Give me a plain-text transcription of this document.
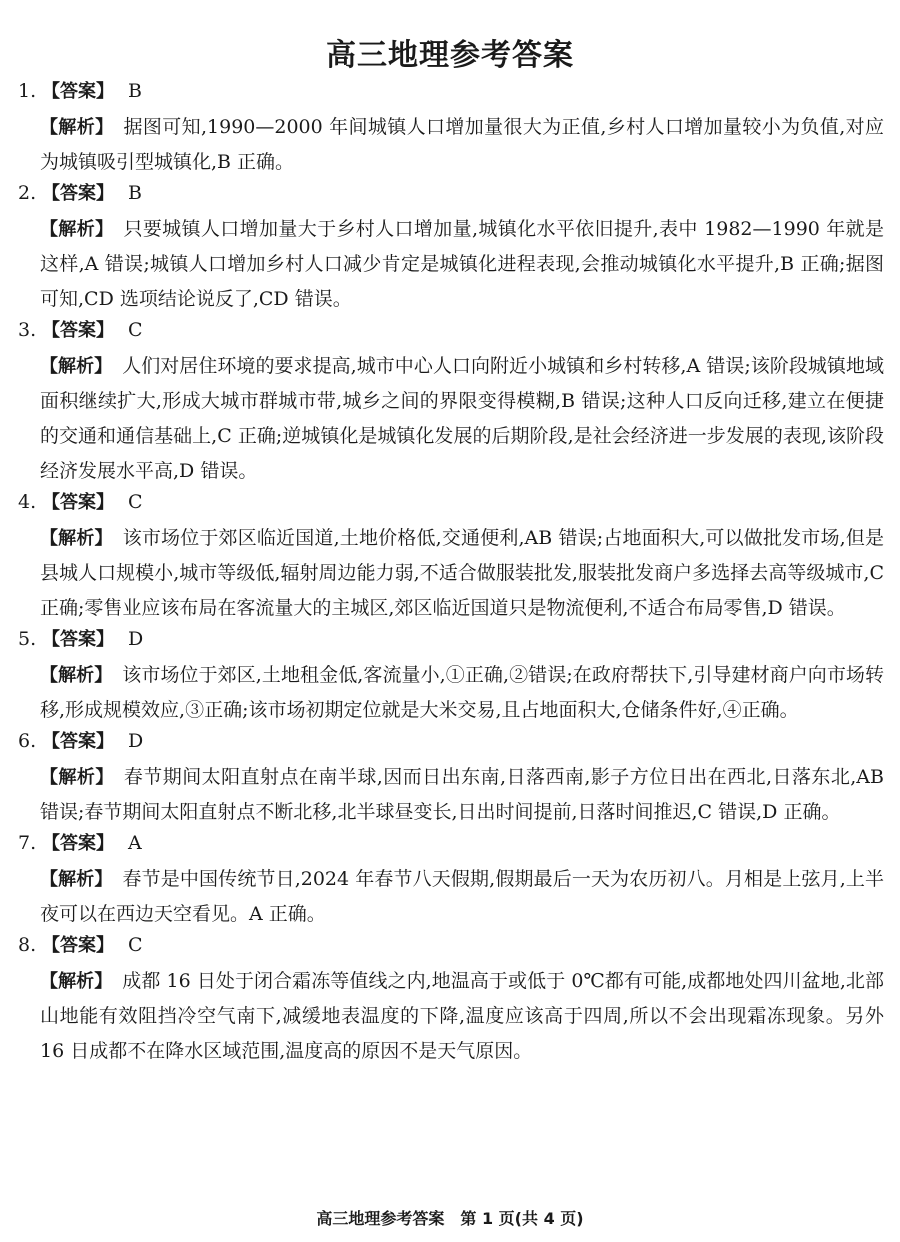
高三地理参考答案
1. 【答案】 B
【解析】 据图可知,1990—2000 年间城镇人口增加量很大为正值,乡村人口增加量较小为负值,对应为城镇吸引型城镇化,B 正确。
2. 【答案】 B
【解析】 只要城镇人口增加量大于乡村人口增加量,城镇化水平依旧提升,表中 1982—1990 年就是这样,A 错误;城镇人口增加乡村人口减少肯定是城镇化进程表现,会推动城镇化水平提升,B 正确;据图可知,CD 选项结论说反了,CD 错误。
3. 【答案】 C
【解析】 人们对居住环境的要求提高,城市中心人口向附近小城镇和乡村转移,A 错误;该阶段城镇地域面积继续扩大,形成大城市群城市带,城乡之间的界限变得模糊,B 错误;这种人口反向迁移,建立在便捷的交通和通信基础上,C 正确;逆城镇化是城镇化发展的后期阶段,是社会经济进一步发展的表现,该阶段经济发展水平高,D 错误。
4. 【答案】 C
【解析】 该市场位于郊区临近国道,土地价格低,交通便利,AB 错误;占地面积大,可以做批发市场,但是县城人口规模小,城市等级低,辐射周边能力弱,不适合做服装批发,服装批发商户多选择去高等级城市,C 正确;零售业应该布局在客流量大的主城区,郊区临近国道只是物流便利,不适合布局零售,D 错误。
5. 【答案】 D
【解析】 该市场位于郊区,土地租金低,客流量小,①正确,②错误;在政府帮扶下,引导建材商户向市场转移,形成规模效应,③正确;该市场初期定位就是大米交易,且占地面积大,仓储条件好,④正确。
6. 【答案】 D
【解析】 春节期间太阳直射点在南半球,因而日出东南,日落西南,影子方位日出在西北,日落东北,AB 错误;春节期间太阳直射点不断北移,北半球昼变长,日出时间提前,日落时间推迟,C 错误,D 正确。
7. 【答案】 A
【解析】 春节是中国传统节日,2024 年春节八天假期,假期最后一天为农历初八。月相是上弦月,上半夜可以在西边天空看见。A 正确。
8. 【答案】 C
【解析】 成都 16 日处于闭合霜冻等值线之内,地温高于或低于 0℃都有可能,成都地处四川盆地,北部山地能有效阻挡冷空气南下,减缓地表温度的下降,温度应该高于四周,所以不会出现霜冻现象。另外 16 日成都不在降水区域范围,温度高的原因不是天气原因。
高三地理参考答案　第 1 页(共 4 页)
